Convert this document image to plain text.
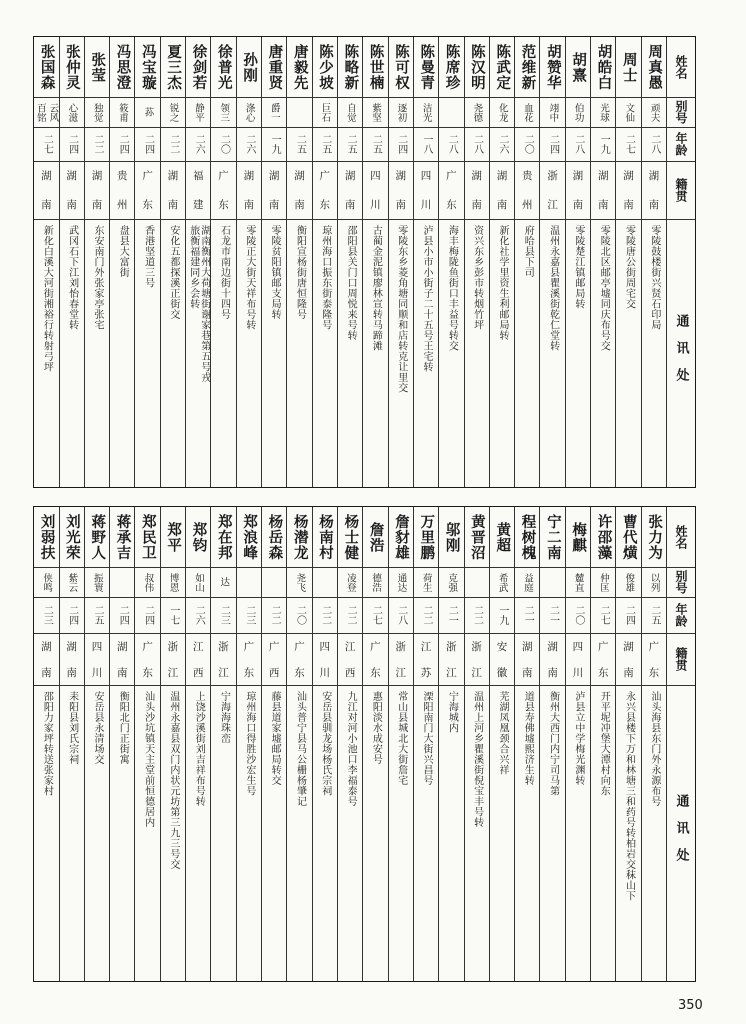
姓名
别号
年龄
籍贯
通讯处
周真愚
顽夫
二八
湖
南
零陵鼓楼街兴贤石印局
周士
文仙
二七
湖
南
零陵唐公街周宅交
胡皓白
光球
一九
湖
南
零陵北区邮亭墟同庆布号交
胡熹
伯功
二八
湖
南
零陵楚江镇邮局转
胡赞华
翊中
二四
浙
江
温州永嘉县瞿溪街乾仁堂转
范维新
血花
二〇
贵
州
府哈县下司
陈武定
化龙
二六
湖
南
新化社学里资生利邮局转
陈汉明
尧德
二八
湖
南
资兴东乡彭市转烟竹坪
陈席珍
二八
广
东
海丰梅陇鱼街口丰益号转交
陈曼青
洁光
一八
四
川
泸县小市小街子二十五号王宅转
陈可权
逐初
二四
湖
南
零陵东乡菱角塘同顺和店转克让里交
陈世楠
紫坚
二五
四
川
古蔺金泥镇廖林宣转马蹄滩
陈略新
自觉
二五
湖
南
邵阳县关门口周悦来号转
陈少坡
巨石
二五
广
东
琼州海口振东街泰隆号
唐毅先
二五
湖
南
衡阳宣杨街唐恒隆号
唐重贤
爵一
一九
湖
南
零陵贫阳镇邮支局转
孙刚
涤心
二六
湖
南
零陵正大街天祥布号转
徐普光
领三
二〇
广
东
石龙市南边街十四号
徐剑若
静平
二六
福
建
湖南衡州大荷塘街谢家巷第五号戎
旅衡福建同乡会转
夏三杰
锐之
二二
湖
南
安化五都探溪正街交
冯宝璇
荪
二四
广
东
香港坚道三号
冯思澄
筱甫
二四
贵
州
盘县大富街
张莹
独觉
二二
湖
南
东安南门外张家亭张宅
张仲灵
心滋
二四
湖
南
武冈石下江刘怡春堂转
张国森
云风
百铭
二七
湖
南
新化白溪大河街湘裕行转射弓坪
姓名
别号
年龄
籍贯
通讯处
张力为
以列
二五
广
东
汕头海县东门外永源布号
曹代熿
俊雄
二四
湖
南
永兴县楼下万和林塘三和药号转柏岩交秣山下
许邵藻
仲匡
二七
广
东
开平坭冲堡大潭村向东
梅麒
麓直
二〇
四
川
泸县立中学梅光渊转
宁二南
二一
湖
南
衡州大西门内宁司马第
程树槐
益庭
二一
湖
南
道县寿佛墟熙济生转
黄超
希武
一九
安
徽
芜湖凤凰颈合兴祥
黄晋沼
二二
浙
江
温州上河乡瞿溪街倪宝丰号转
邬刚
克强
二一
浙
江
宁海城内
万里鹏
荷生
二二
江
苏
溧阳南门大街兴昌号
詹豺雄
通达
二八
浙
江
常山县城北大街詹宅
詹浩
德浩
二七
广
东
惠阳淡水成安号
杨士健
凌登
二二
江
西
九江对河小池口李福泰号
杨南村
二二
四
川
安岳县驯龙场杨氏宗祠
杨潜龙
尧飞
二〇
广
东
汕头普宁县马公栅杨肇记
杨岳森
二二
广
西
藤县道家墟邮局转交
郑浪峰
二三
广
东
琼州海口得胜沙宏生号
郑在邦
达
二三
浙
江
宁海海珠峦
郑钧
如山
二六
江
西
上饶沙溪街刘吉祥布号转
郑平
博恩
一七
浙
江
温州永嘉县双门内状元坊第三九三号交
郑民卫
叔伟
二四
广
东
汕头沙坑镇天主堂前恒德居内
蒋承吉
二四
湖
南
衡阳北门正街寓
蒋野人
振寰
二五
四
川
安岳县永清场交
刘光荣
紫云
二四
湖
南
耒阳县刘氏宗祠
刘弱扶
侠鸣
二三
湖
南
邵阳力家坪转送张家村
350
